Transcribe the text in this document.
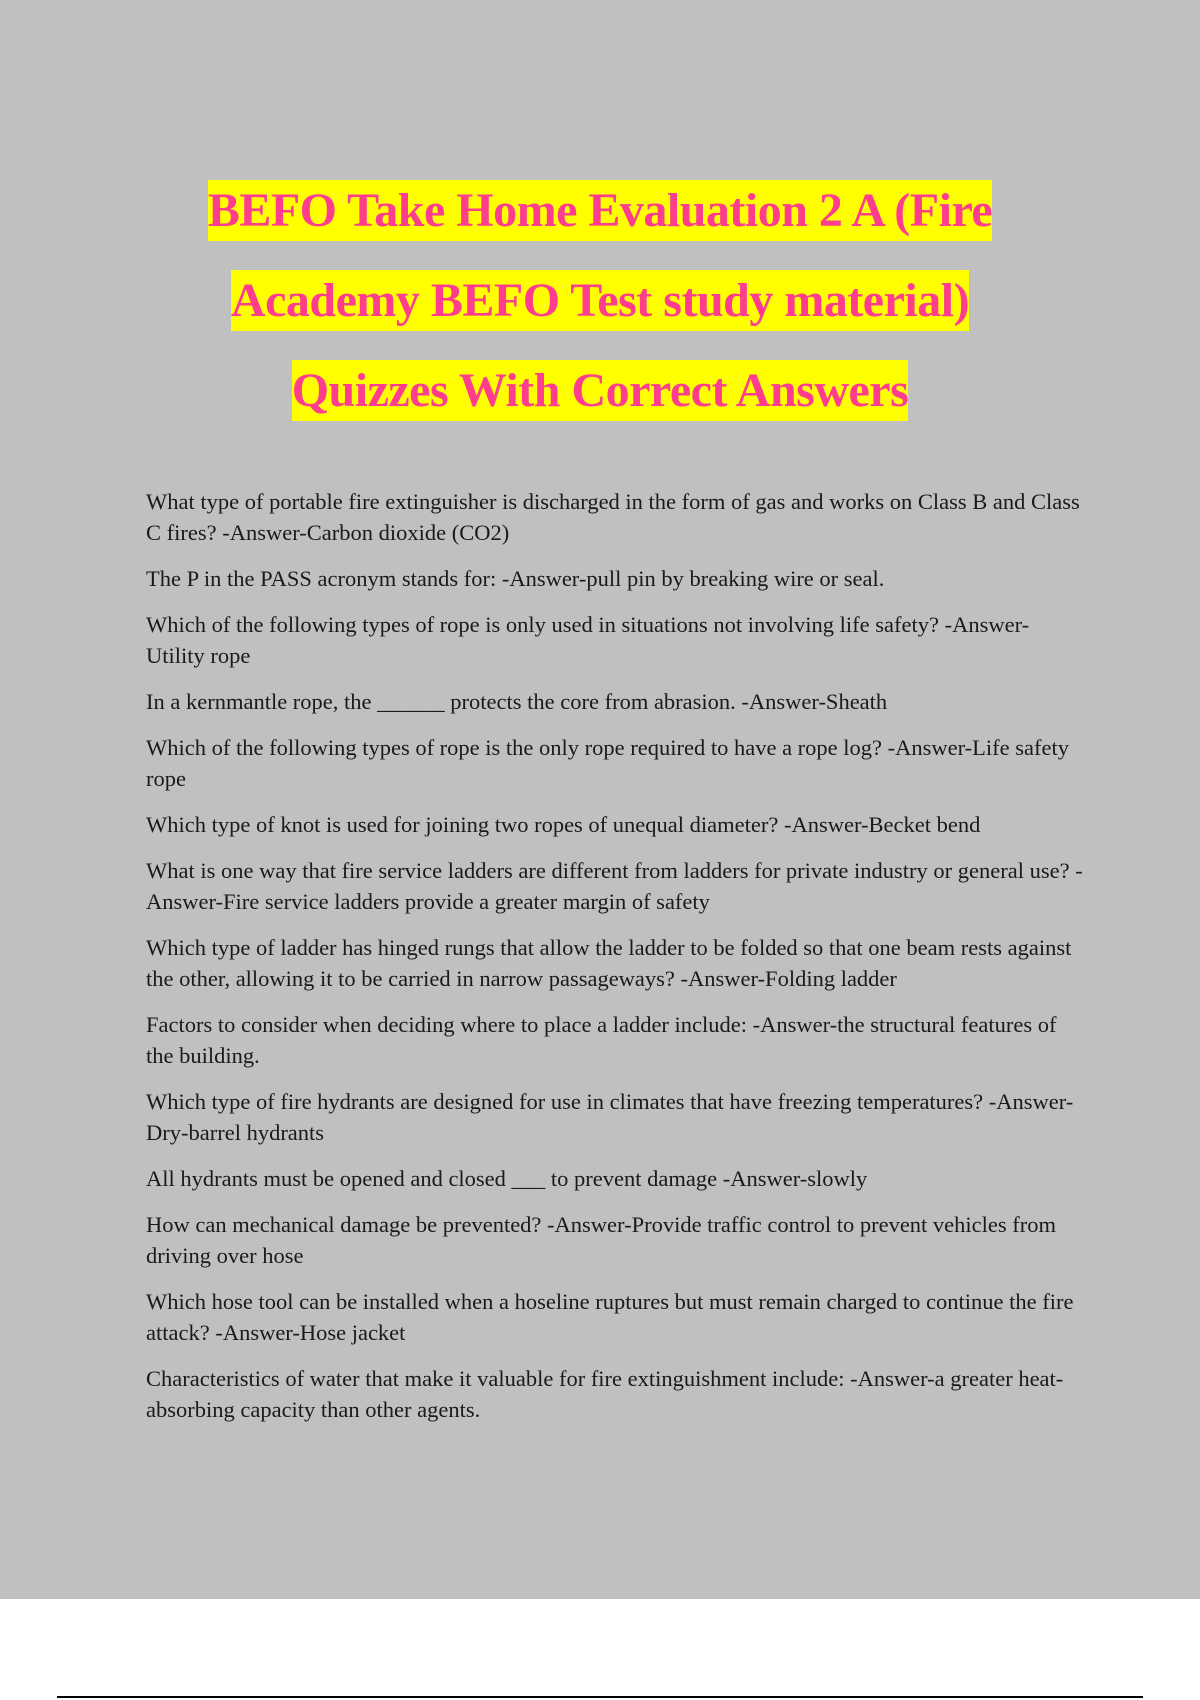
BEFO Take Home Evaluation 2 A (Fire
Academy BEFO Test study material)
Quizzes With Correct Answers

What type of portable fire extinguisher is discharged in the form of gas and works on Class B and Class C fires? -Answer-Carbon dioxide (CO2)

The P in the PASS acronym stands for: -Answer-pull pin by breaking wire or seal.

Which of the following types of rope is only used in situations not involving life safety? -Answer-Utility rope

In a kernmantle rope, the ______ protects the core from abrasion. -Answer-Sheath

Which of the following types of rope is the only rope required to have a rope log? -Answer-Life safety rope

Which type of knot is used for joining two ropes of unequal diameter? -Answer-Becket bend

What is one way that fire service ladders are different from ladders for private industry or general use? -Answer-Fire service ladders provide a greater margin of safety

Which type of ladder has hinged rungs that allow the ladder to be folded so that one beam rests against the other, allowing it to be carried in narrow passageways? -Answer-Folding ladder

Factors to consider when deciding where to place a ladder include: -Answer-the structural features of the building.

Which type of fire hydrants are designed for use in climates that have freezing temperatures? -Answer-Dry-barrel hydrants

All hydrants must be opened and closed ___ to prevent damage -Answer-slowly

How can mechanical damage be prevented? -Answer-Provide traffic control to prevent vehicles from driving over hose

Which hose tool can be installed when a hoseline ruptures but must remain charged to continue the fire attack? -Answer-Hose jacket

Characteristics of water that make it valuable for fire extinguishment include: -Answer-a greater heat-absorbing capacity than other agents.
